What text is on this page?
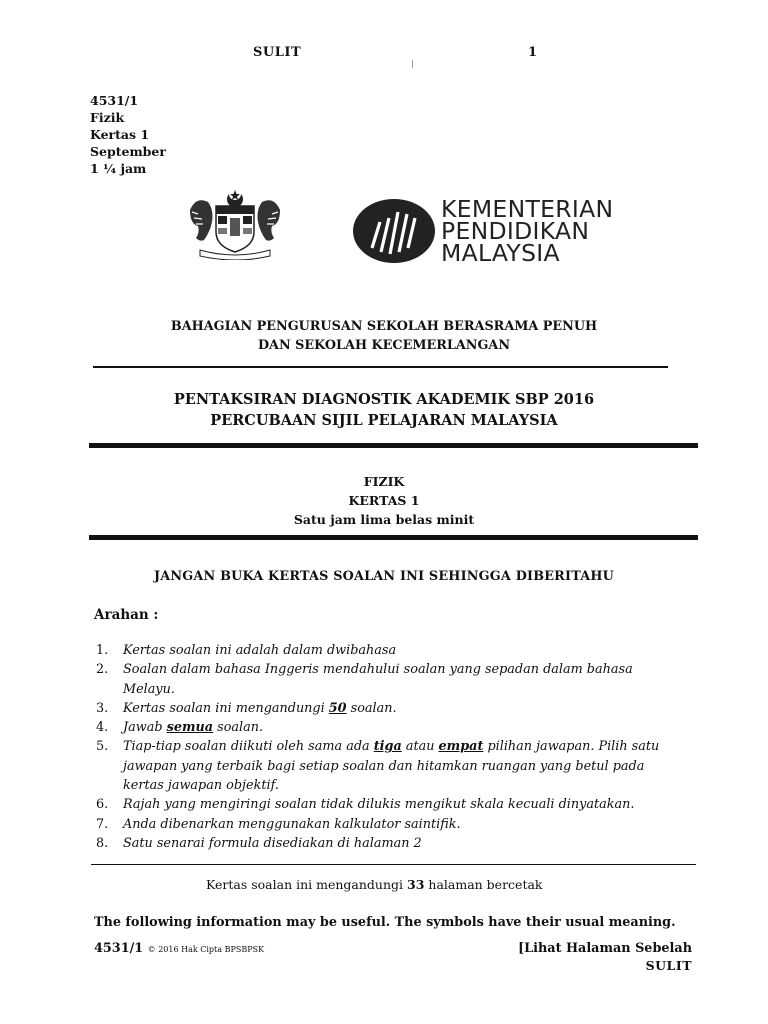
SULIT	1
4531/1
Fizik
Kertas 1
September
1 ¼ jam
KEMENTERIAN
PENDIDIKAN
MALAYSIA
BAHAGIAN PENGURUSAN SEKOLAH BERASRAMA PENUH
DAN SEKOLAH KECEMERLANGAN
PENTAKSIRAN DIAGNOSTIK AKADEMIK SBP 2016
PERCUBAAN SIJIL PELAJARAN MALAYSIA
FIZIK
KERTAS 1
Satu jam lima belas minit
JANGAN BUKA KERTAS SOALAN INI SEHINGGA DIBERITAHU
Arahan :
1.	Kertas soalan ini adalah dalam dwibahasa
2.	Soalan dalam bahasa Inggeris mendahului soalan yang sepadan dalam bahasa Melayu.
3.	Kertas soalan ini mengandungi 50 soalan.
4.	Jawab semua soalan.
5.	Tiap-tiap soalan diikuti oleh sama ada tiga atau empat pilihan jawapan. Pilih satu jawapan yang terbaik bagi setiap soalan dan hitamkan ruangan yang betul pada kertas jawapan objektif.
6.	Rajah yang mengiringi soalan tidak dilukis mengikut skala kecuali dinyatakan.
7.	Anda dibenarkan menggunakan kalkulator saintifik.
8.	Satu senarai formula disediakan di halaman 2
Kertas soalan ini mengandungi 33 halaman bercetak
The following information may be useful. The symbols have their usual meaning.
4531/1 © 2016 Hak Cipta BPSBPSK	[Lihat Halaman Sebelah
SULIT
